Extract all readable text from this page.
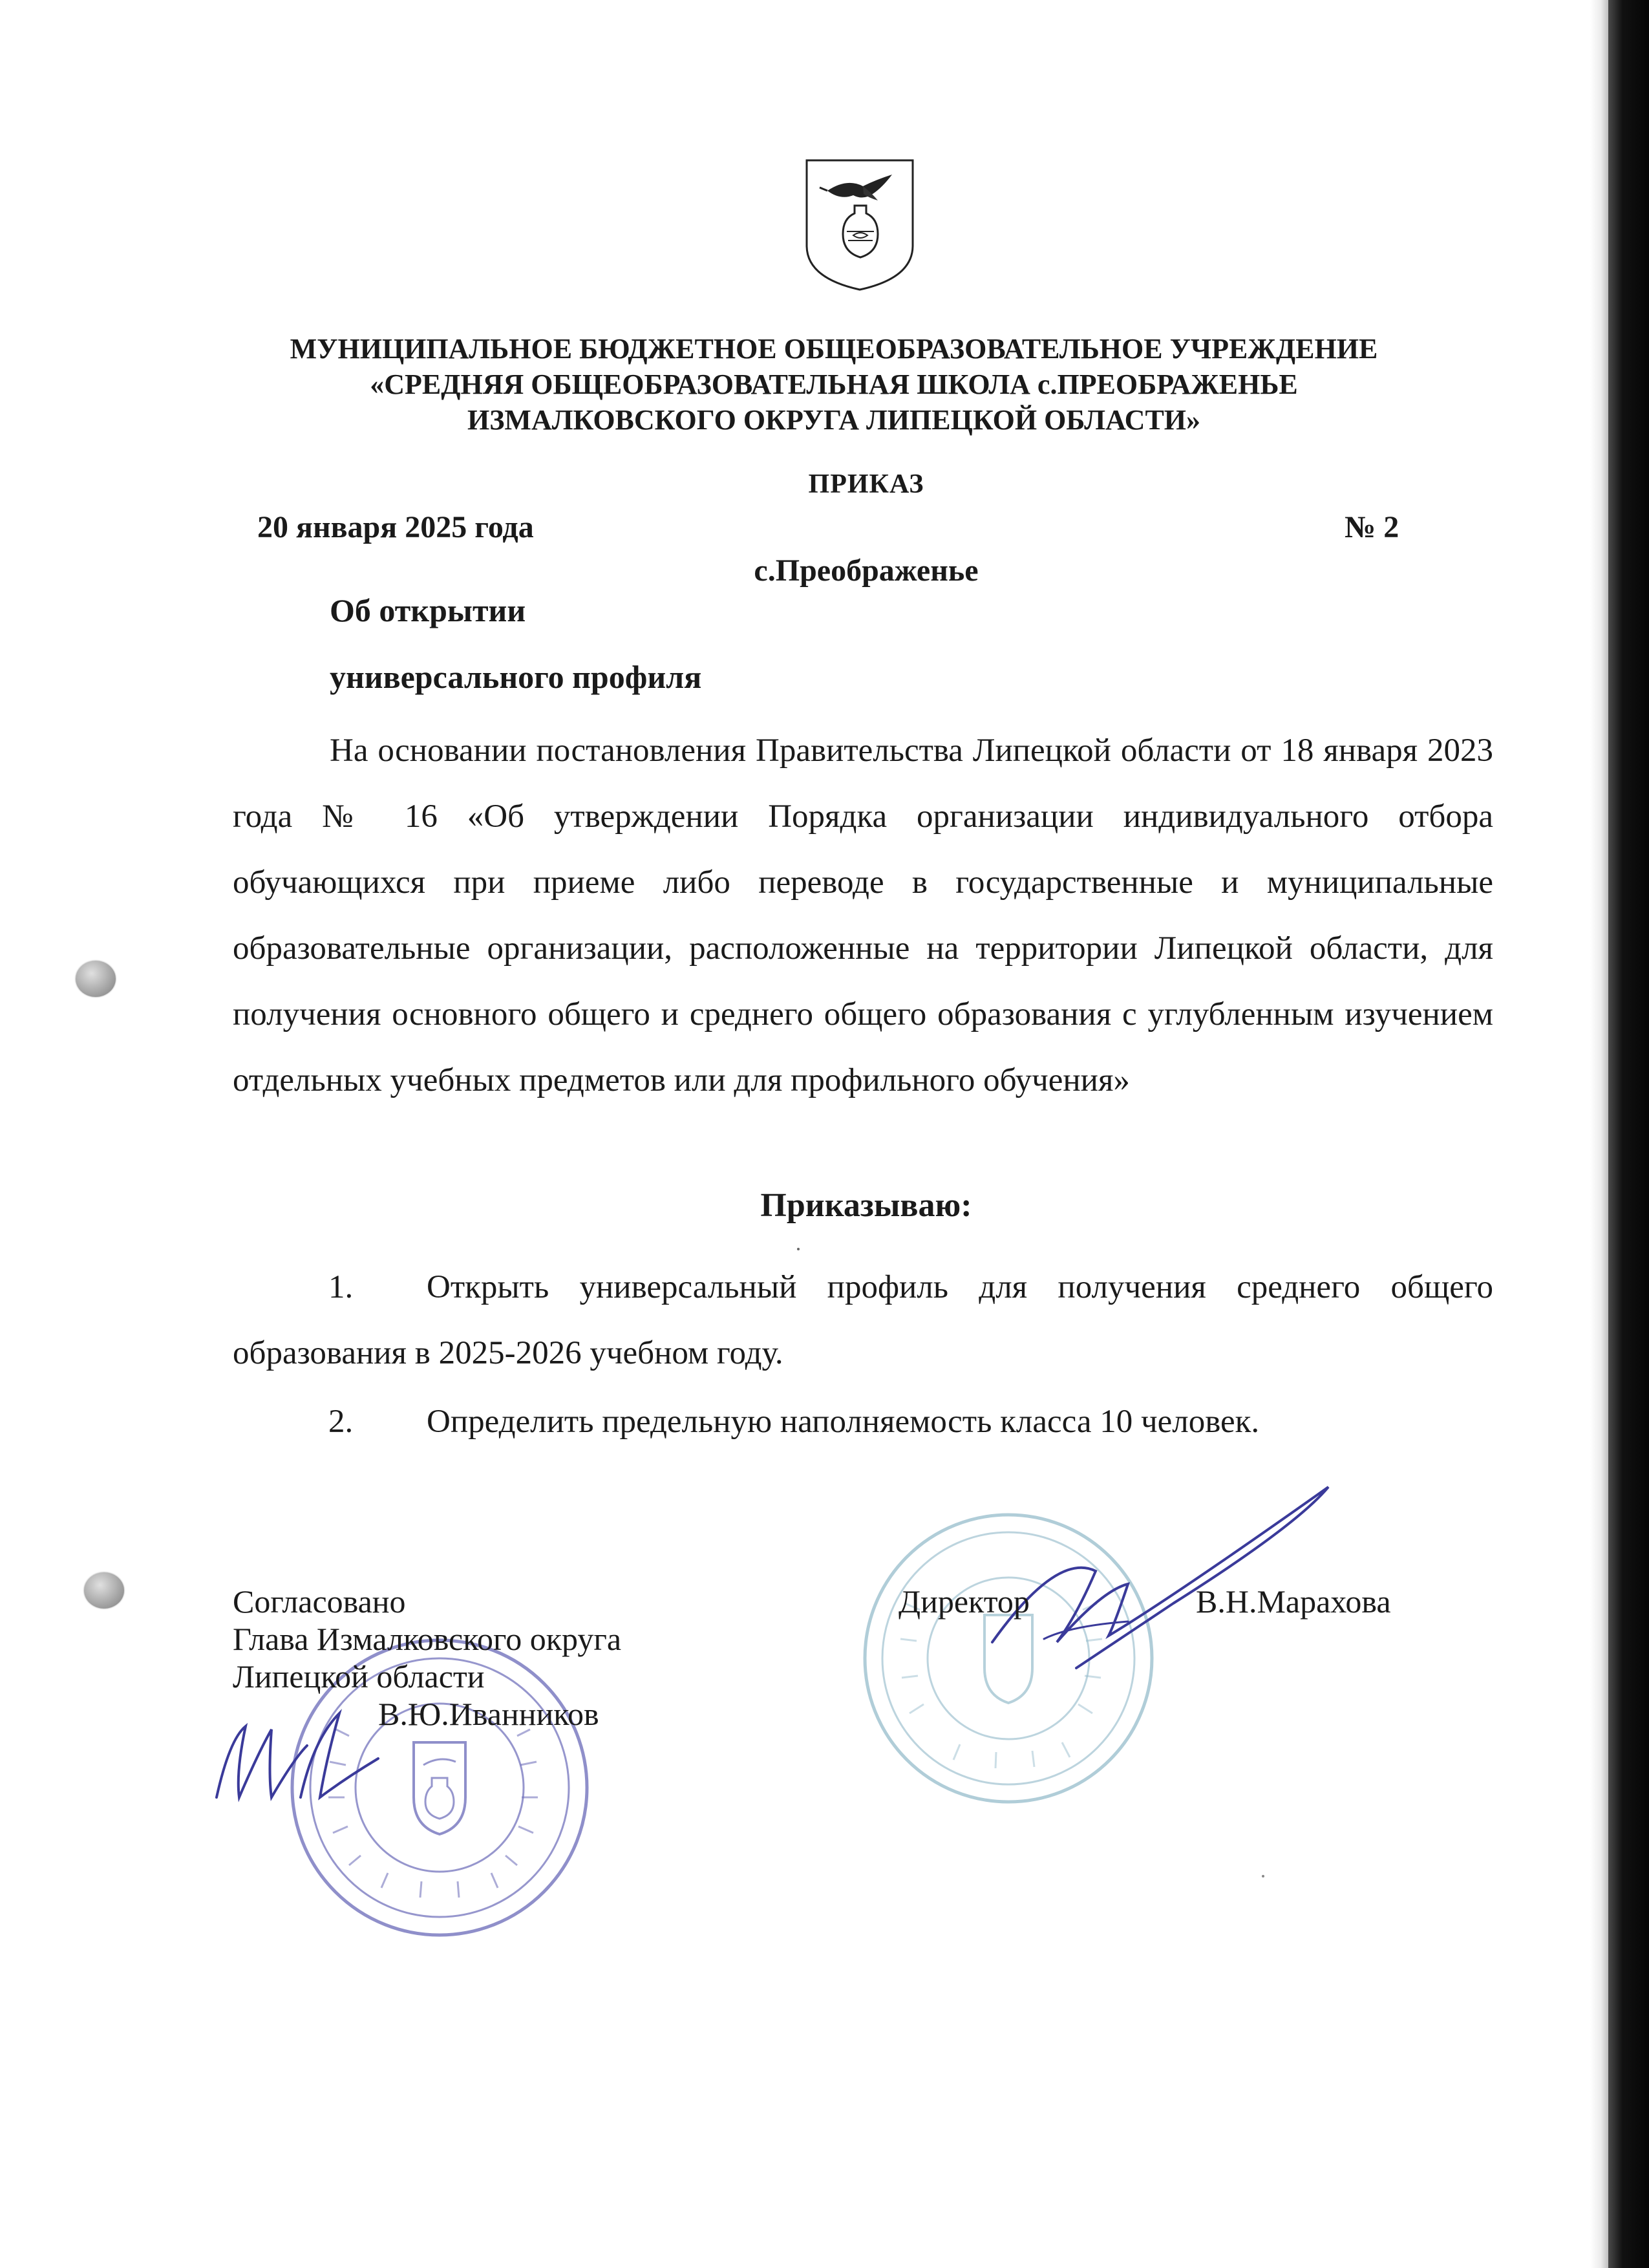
МУНИЦИПАЛЬНОЕ БЮДЖЕТНОЕ ОБЩЕОБРАЗОВАТЕЛЬНОЕ УЧРЕЖДЕНИЕ
«СРЕДНЯЯ ОБЩЕОБРАЗОВАТЕЛЬНАЯ ШКОЛА с.ПРЕОБРАЖЕНЬЕ
ИЗМАЛКОВСКОГО ОКРУГА ЛИПЕЦКОЙ ОБЛАСТИ»
ПРИКАЗ
20 января 2025 года	№ 2
с.Преображенье
Об открытии
универсального профиля
На основании постановления Правительства Липецкой области от 18 января 2023 года № 16 «Об утверждении Порядка организации индивидуального отбора обучающихся при приеме либо переводе в государственные и муниципальные образовательные организации, расположенные на территории Липецкой области, для получения основного общего и среднего общего образования с углубленным изучением отдельных учебных предметов или для профильного обучения»
Приказываю:
1.	Открыть универсальный профиль для получения среднего общего образования в 2025-2026 учебном году.
2.	Определить предельную наполняемость класса 10 человек.
Согласовано
Глава Измалковского округа
Липецкой области
В.Ю.Иванников
Директор	В.Н.Марахова
